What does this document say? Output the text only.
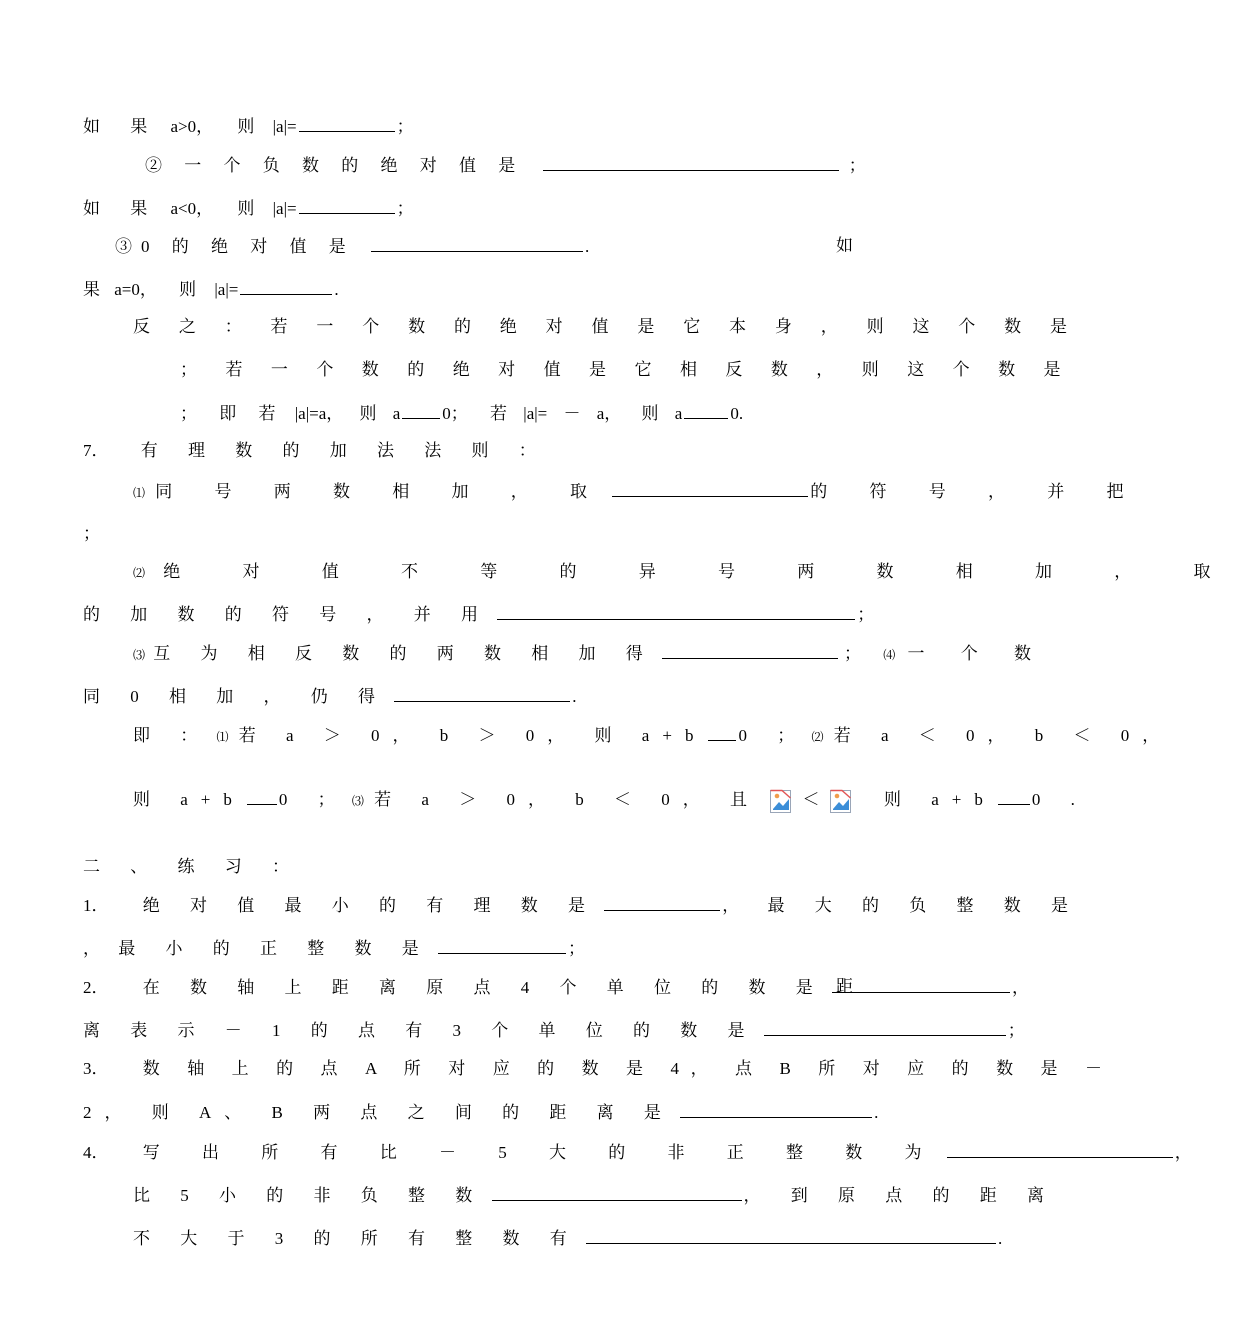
如 果 a>0， 则 |a|=	；
② 一 个 负 数 的 绝 对 值 是	；
如 果 a<0， 则 |a|=	；
③0 的 绝 对 值 是	.	如
果 a=0， 则 |a|=	.
反 之 ： 若 一 个 数 的 绝 对 值 是 它 本 身 ， 则 这 个 数 是
； 若 一 个 数 的 绝 对 值 是 它 相 反 数 ， 则 这 个 数 是
； 即 若 |a|=a， 则 a 0； 若 |a|= － a， 则 a	0.
7． 有 理 数 的 加 法 法 则 ：
⑴ 同 号 两 数 相 加 ， 取	的 符 号 ， 并 把
；
⑵ 绝 对 值 不 等 的 异 号 两 数 相 加 ， 取
的 加 数 的 符 号 ， 并 用	；
⑶ 互 为 相 反 数 的 两 数 相 加 得	； ⑷ 一 个 数
同 0 相 加 ， 仍 得	.
即 ： ⑴ 若 a ＞ 0， b ＞ 0， 则 a+b 0 ； ⑵ 若 a ＜ 0， b ＜ 0，
则 a+b 0 ； ⑶ 若 a ＞ 0， b ＜ 0， 且	＜	则 a+b 0 .
二 、 练 习 ：
1． 绝 对 值 最 小 的 有 理 数 是	， 最 大 的 负 整 数 是
， 最 小 的 正 整 数 是	；
2． 在 数 轴 上 距 离 原 点 4 个 单 位 的 数 是	，
距
离 表 示 － 1 的 点 有 3 个 单 位 的 数 是	；
3． 数 轴 上 的 点 A 所 对 应 的 数 是 4， 点 B 所 对 应 的 数 是 －
2， 则 A、 B 两 点 之 间 的 距 离 是	.
4． 写 出 所 有 比 － 5 大 的 非 正 整 数 为	，
比 5 小 的 非 负 整 数	， 到 原 点 的 距 离
不 大 于 3 的 所 有 整 数 有	.
